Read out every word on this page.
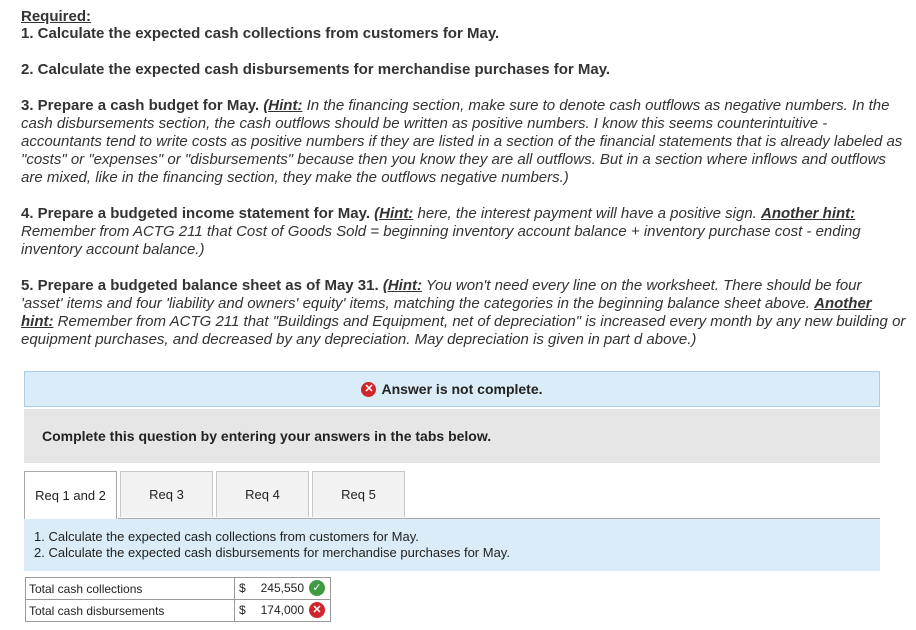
Required:
1. Calculate the expected cash collections from customers for May.
2. Calculate the expected cash disbursements for merchandise purchases for May.
3. Prepare a cash budget for May. (Hint: In the financing section, make sure to denote cash outflows as negative numbers. In the cash disbursements section, the cash outflows should be written as positive numbers. I know this seems counterintuitive - accountants tend to write costs as positive numbers if they are listed in a section of the financial statements that is already labeled as "costs" or "expenses" or "disbursements" because then you know they are all outflows. But in a section where inflows and outflows are mixed, like in the financing section, they make the outflows negative numbers.)
4. Prepare a budgeted income statement for May. (Hint: here, the interest payment will have a positive sign. Another hint: Remember from ACTG 211 that Cost of Goods Sold = beginning inventory account balance + inventory purchase cost - ending inventory account balance.)
5. Prepare a budgeted balance sheet as of May 31. (Hint: You won't need every line on the worksheet. There should be four 'asset' items and four 'liability and owners' equity' items, matching the categories in the beginning balance sheet above. Another hint: Remember from ACTG 211 that "Buildings and Equipment, net of depreciation" is increased every month by any new building or equipment purchases, and decreased by any depreciation. May depreciation is given in part d above.)
✕ Answer is not complete.
Complete this question by entering your answers in the tabs below.
Req 1 and 2	Req 3	Req 4	Req 5
1. Calculate the expected cash collections from customers for May.
2. Calculate the expected cash disbursements for merchandise purchases for May.
Total cash collections	$ 245,550 ✓

Total cash disbursements	$ 174,000 ✕
